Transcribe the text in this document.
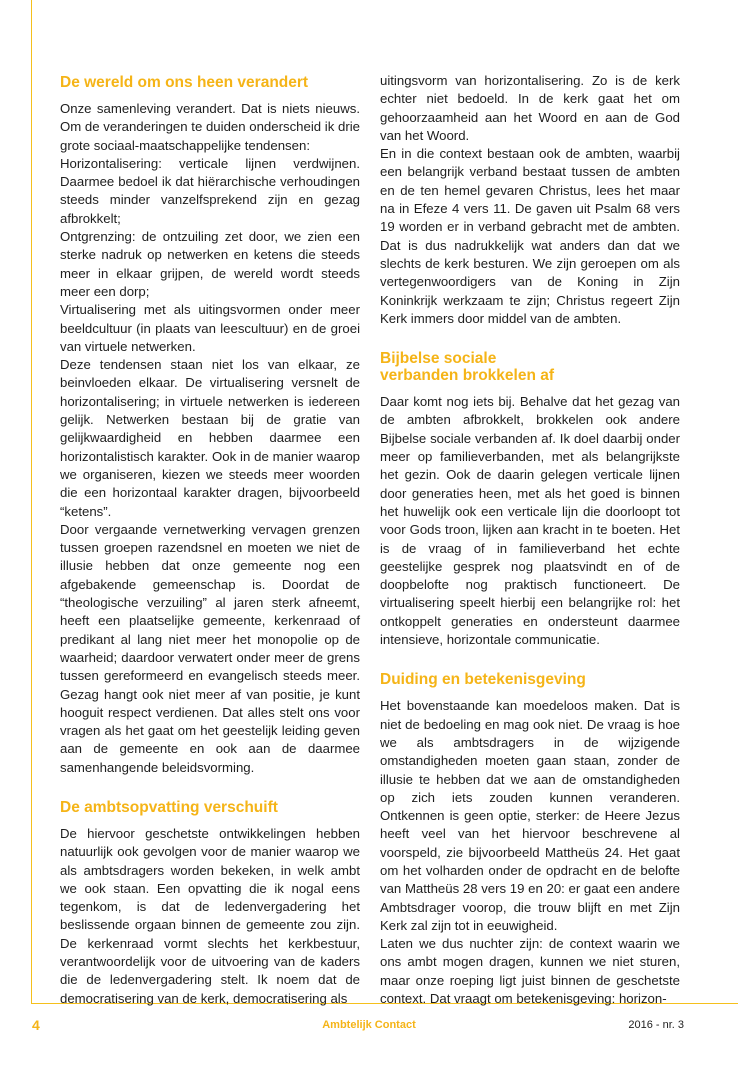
De wereld om ons heen verandert

Onze samenleving verandert. Dat is niets nieuws. Om de veranderingen te duiden onderscheid ik drie grote sociaal-maatschappelijke tendensen:

Horizontalisering: verticale lijnen verdwijnen. Daarmee bedoel ik dat hiërarchische verhoudingen steeds minder vanzelfsprekend zijn en gezag afbrokkelt;

Ontgrenzing: de ontzuiling zet door, we zien een sterke nadruk op netwerken en ketens die steeds meer in elkaar grijpen, de wereld wordt steeds meer een dorp;

Virtualisering met als uitingsvormen onder meer beeldcultuur (in plaats van leescultuur) en de groei van virtuele netwerken.

Deze tendensen staan niet los van elkaar, ze beinvloeden elkaar. De virtualisering versnelt de horizontalisering; in virtuele netwerken is iedereen gelijk. Netwerken bestaan bij de gratie van gelijkwaardigheid en hebben daarmee een horizontalistisch karakter. Ook in de manier waarop we organiseren, kiezen we steeds meer woorden die een horizontaal karakter dragen, bijvoorbeeld “ketens”.

Door vergaande vernetwerking vervagen grenzen tussen groepen razendsnel en moeten we niet de illusie hebben dat onze gemeente nog een afgebakende gemeenschap is. Doordat de “theologische verzuiling” al jaren sterk afneemt, heeft een plaatselijke gemeente, kerkenraad of predikant al lang niet meer het monopolie op de waarheid; daardoor verwatert onder meer de grens tussen gereformeerd en evangelisch steeds meer. Gezag hangt ook niet meer af van positie, je kunt hooguit respect verdienen. Dat alles stelt ons voor vragen als het gaat om het geestelijk leiding geven aan de gemeente en ook aan de daarmee samenhangende beleidsvorming.

De ambtsopvatting verschuift

De hiervoor geschetste ontwikkelingen hebben natuurlijk ook gevolgen voor de manier waarop we als ambtsdragers worden bekeken, in welk ambt we ook staan. Een opvatting die ik nogal eens tegenkom, is dat de ledenvergadering het beslissende orgaan binnen de gemeente zou zijn. De kerkenraad vormt slechts het kerkbestuur, verantwoordelijk voor de uitvoering van de kaders die de ledenvergadering stelt. Ik noem dat de democratisering van de kerk, democratisering als

uitingsvorm van horizontalisering. Zo is de kerk echter niet bedoeld. In de kerk gaat het om gehoorzaamheid aan het Woord en aan de God van het Woord.

En in die context bestaan ook de ambten, waarbij een belangrijk verband bestaat tussen de ambten en de ten hemel gevaren Christus, lees het maar na in Efeze 4 vers 11. De gaven uit Psalm 68 vers 19 worden er in verband gebracht met de ambten. Dat is dus nadrukkelijk wat anders dan dat we slechts de kerk besturen. We zijn geroepen om als vertegenwoordigers van de Koning in Zijn Koninkrijk werkzaam te zijn; Christus regeert Zijn Kerk immers door middel van de ambten.

Bijbelse sociale
verbanden brokkelen af

Daar komt nog iets bij. Behalve dat het gezag van de ambten afbrokkelt, brokkelen ook andere Bijbelse sociale verbanden af. Ik doel daarbij onder meer op familieverbanden, met als belangrijkste het gezin. Ook de daarin gelegen verticale lijnen door generaties heen, met als het goed is binnen het huwelijk ook een verticale lijn die doorloopt tot voor Gods troon, lijken aan kracht in te boeten. Het is de vraag of in familieverband het echte geestelijke gesprek nog plaatsvindt en of de doopbelofte nog praktisch functioneert. De virtualisering speelt hierbij een belangrijke rol: het ontkoppelt generaties en ondersteunt daarmee intensieve, horizontale communicatie.

Duiding en betekenisgeving

Het bovenstaande kan moedeloos maken. Dat is niet de bedoeling en mag ook niet. De vraag is hoe we als ambtsdragers in de wijzigende omstandigheden moeten gaan staan, zonder de illusie te hebben dat we aan de omstandigheden op zich iets zouden kunnen veranderen. Ontkennen is geen optie, sterker: de Heere Jezus heeft veel van het hiervoor beschrevene al voorspeld, zie bijvoorbeeld Mattheüs 24. Het gaat om het volharden onder de opdracht en de belofte van Mattheüs 28 vers 19 en 20: er gaat een andere Ambtsdrager voorop, die trouw blijft en met Zijn Kerk zal zijn tot in eeuwigheid.

Laten we dus nuchter zijn: de context waarin we ons ambt mogen dragen, kunnen we niet sturen, maar onze roeping ligt juist binnen de geschetste context. Dat vraagt om betekenisgeving: horizon-

4	Ambtelijk Contact	2016 - nr. 3
